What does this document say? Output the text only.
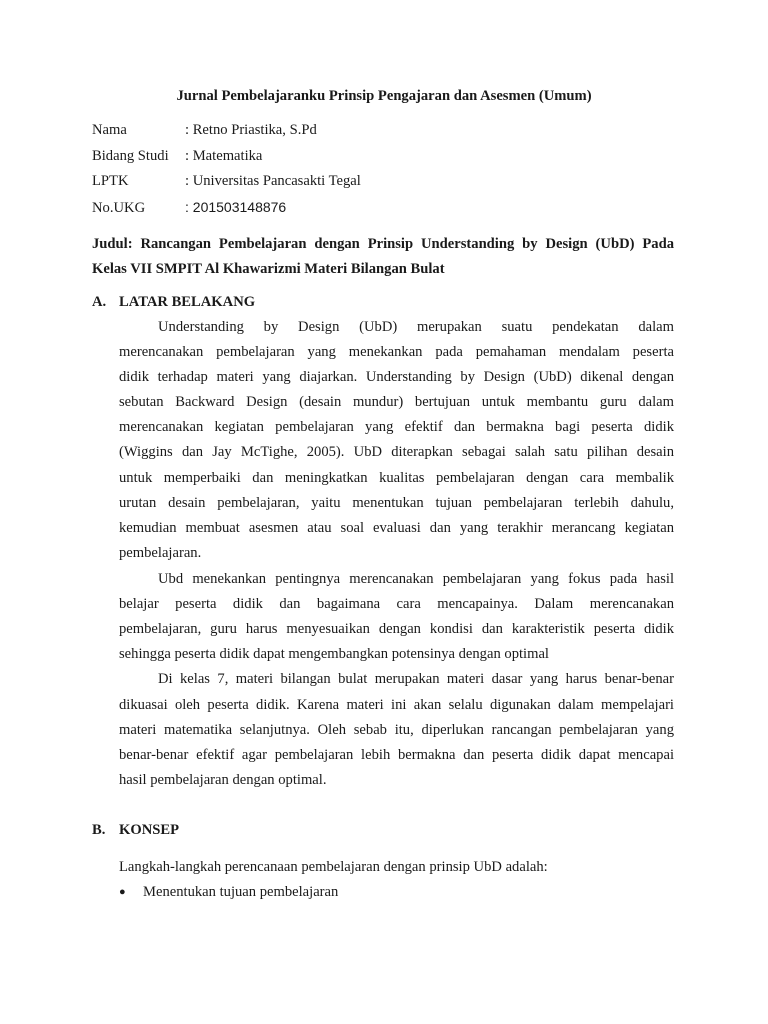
Jurnal Pembelajaranku Prinsip Pengajaran dan Asesmen (Umum)
Nama	: Retno Priastika, S.Pd
Bidang Studi : Matematika
LPTK	: Universitas Pancasakti Tegal
No.UKG	: 201503148876
Judul: Rancangan Pembelajaran dengan Prinsip Understanding by Design (UbD) Pada Kelas VII SMPIT Al Khawarizmi Materi Bilangan Bulat
A. LATAR BELAKANG
Understanding by Design (UbD) merupakan suatu pendekatan dalam
merencanakan pembelajaran yang menekankan pada pemahaman mendalam peserta
didik terhadap materi yang diajarkan. Understanding by Design (UbD) dikenal dengan
sebutan Backward Design (desain mundur) bertujuan untuk membantu guru dalam
merencanakan kegiatan pembelajaran yang efektif dan bermakna bagi peserta didik
(Wiggins dan Jay McTighe, 2005). UbD diterapkan sebagai salah satu pilihan desain
untuk memperbaiki dan meningkatkan kualitas pembelajaran dengan cara membalik
urutan desain pembelajaran, yaitu menentukan tujuan pembelajaran terlebih dahulu,
kemudian membuat asesmen atau soal evaluasi dan yang terakhir merancang kegiatan
pembelajaran.
Ubd menekankan pentingnya merencanakan pembelajaran yang fokus pada hasil
belajar peserta didik dan bagaimana cara mencapainya. Dalam merencanakan
pembelajaran, guru harus menyesuaikan dengan kondisi dan karakteristik peserta didik
sehingga peserta didik dapat mengembangkan potensinya dengan optimal
Di kelas 7, materi bilangan bulat merupakan materi dasar yang harus benar-benar
dikuasai oleh peserta didik. Karena materi ini akan selalu digunakan dalam mempelajari
materi matematika selanjutnya. Oleh sebab itu, diperlukan rancangan pembelajaran yang
benar-benar efektif agar pembelajaran lebih bermakna dan peserta didik dapat mencapai
hasil pembelajaran dengan optimal.
B. KONSEP
Langkah-langkah perencanaan pembelajaran dengan prinsip UbD adalah:
● Menentukan tujuan pembelajaran
